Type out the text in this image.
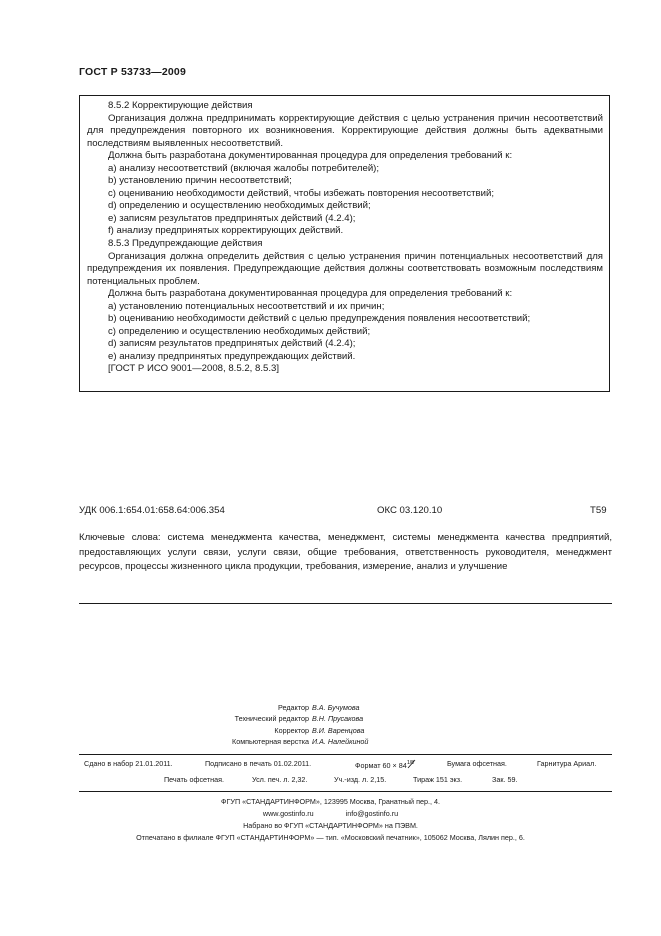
ГОСТ Р 53733—2009

8.5.2 Корректирующие действия

Организация должна предпринимать корректирующие действия с целью устранения причин несоответствий для предупреждения повторного их возникновения. Корректирующие действия должны быть адекватными последствиям выявленных несоответствий.

Должна быть разработана документированная процедура для определения требований к:

a) анализу несоответствий (включая жалобы потребителей);

b) установлению причин несоответствий;

c) оцениванию необходимости действий, чтобы избежать повторения несоответствий;

d) определению и осуществлению необходимых действий;

e) записям результатов предпринятых действий (4.2.4);

f) анализу предпринятых корректирующих действий.

8.5.3 Предупреждающие действия

Организация должна определить действия с целью устранения причин потенциальных несоответствий для предупреждения их появления. Предупреждающие действия должны соответствовать возможным последствиям потенциальных проблем.

Должна быть разработана документированная процедура для определения требований к:

a) установлению потенциальных несоответствий и их причин;

b) оцениванию необходимости действий с целью предупреждения появления несоответствий;

c) определению и осуществлению необходимых действий;

d) записям результатов предпринятых действий (4.2.4);

e) анализу предпринятых предупреждающих действий.

[ГОСТ Р ИСО 9001—2008, 8.5.2, 8.5.3]

УДК 006.1:654.01:658.64:006.354	ОКС 03.120.10	Т59
Ключевые слова: система менеджмента качества, менеджмент, системы менеджмента качества предприятий, предоставляющих услуги связи, услуги связи, общие требования, ответственность руководителя, менеджмент ресурсов, процессы жизненного цикла продукции, требования, измерение, анализ и улучшение
Редактор В.А. Бучумова
Технический редактор В.Н. Прусакова
Корректор В.И. Варенцова
Компьютерная верстка И.А. Налейкиной
Сдано в набор 21.01.2011.	Подписано в печать 01.02.2011.	Формат 60 × 84 1/8	Бумага офсетная.	Гарнитура Ариал.
Печать офсетная.	Усл. печ. л. 2,32.	Уч.-изд. л. 2,15.	Тираж 151 экз.	Зак. 59.
ФГУП «СТАНДАРТИНФОРМ», 123995 Москва, Гранатный пер., 4.
www.gostinfo.ru	info@gostinfo.ru
Набрано во ФГУП «СТАНДАРТИНФОРМ» на ПЭВМ.
Отпечатано в филиале ФГУП «СТАНДАРТИНФОРМ» — тип. «Московский печатник», 105062 Москва, Лялин пер., 6.
